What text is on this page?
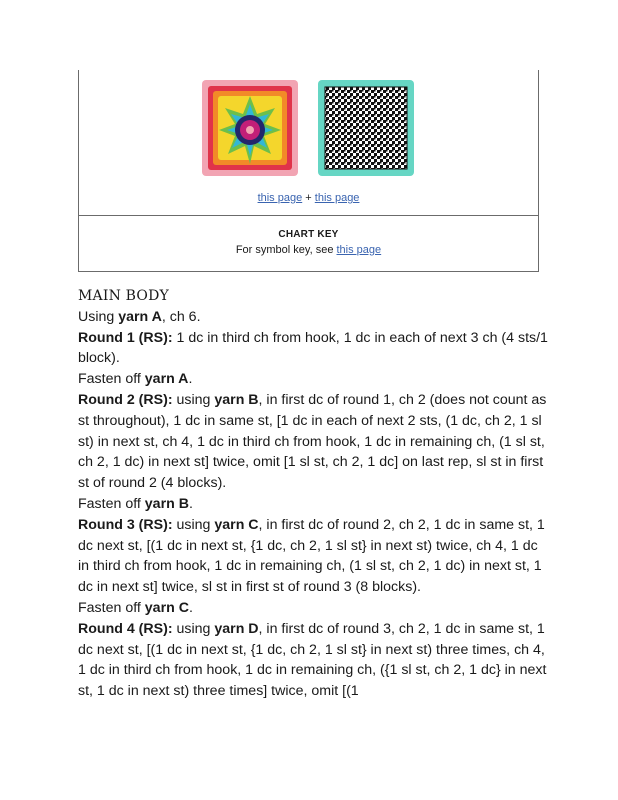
this page + this page
CHART KEY
For symbol key, see this page

MAIN BODY

Using yarn A, ch 6.

Round 1 (RS): 1 dc in third ch from hook, 1 dc in each of next 3 ch (4 sts/1 block).

Fasten off yarn A.

Round 2 (RS): using yarn B, in first dc of round 1, ch 2 (does not count as st throughout), 1 dc in same st, [1 dc in each of next 2 sts, (1 dc, ch 2, 1 sl st) in next st, ch 4, 1 dc in third ch from hook, 1 dc in remaining ch, (1 sl st, ch 2, 1 dc) in next st] twice, omit [1 sl st, ch 2, 1 dc] on last rep, sl st in first st of round 2 (4 blocks).

Fasten off yarn B.

Round 3 (RS): using yarn C, in first dc of round 2, ch 2, 1 dc in same st, 1 dc next st, [(1 dc in next st, {1 dc, ch 2, 1 sl st} in next st) twice, ch 4, 1 dc in third ch from hook, 1 dc in remaining ch, (1 sl st, ch 2, 1 dc) in next st, 1 dc in next st] twice, sl st in first st of round 3 (8 blocks).

Fasten off yarn C.

Round 4 (RS): using yarn D, in first dc of round 3, ch 2, 1 dc in same st, 1 dc next st, [(1 dc in next st, {1 dc, ch 2, 1 sl st} in next st) three times, ch 4, 1 dc in third ch from hook, 1 dc in remaining ch, ({1 sl st, ch 2, 1 dc} in next st, 1 dc in next st) three times] twice, omit [(1
